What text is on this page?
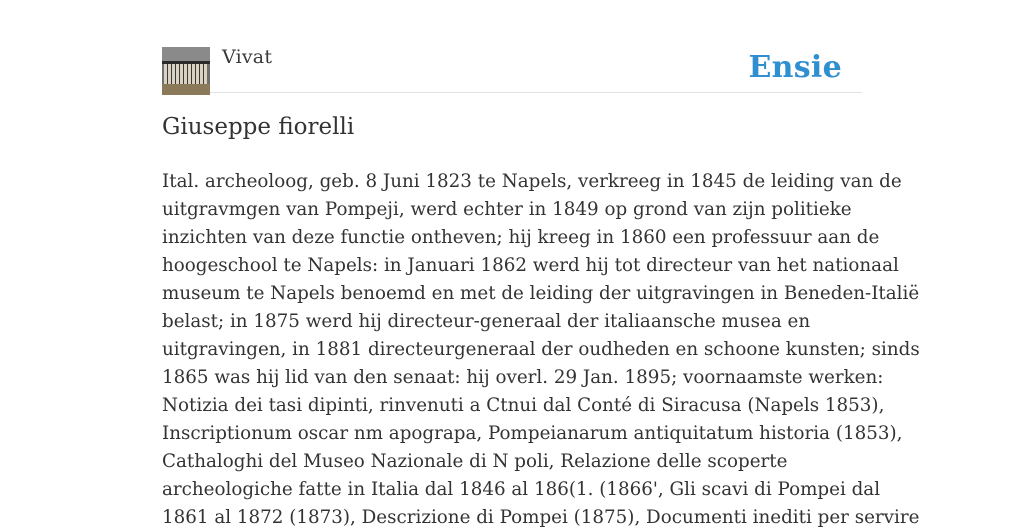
Vivat	Ensie
Giuseppe fiorelli
Ital. archeoloog, geb. 8 Juni 1823 te Napels, verkreeg in 1845 de leiding van de
uitgravmgen van Pompeji, werd echter in 1849 op grond van zijn politieke
inzichten van deze functie ontheven; hij kreeg in 1860 een professuur aan de
hoogeschool te Napels: in Januari 1862 werd hij tot directeur van het nationaal
museum te Napels benoemd en met de leiding der uitgravingen in Beneden-Italië
belast; in 1875 werd hij directeur-generaal der italiaansche musea en
uitgravingen, in 1881 directeurgeneraal der oudheden en schoone kunsten; sinds
1865 was hij lid van den senaat: hij overl. 29 Jan. 1895; voornaamste werken:
Notizia dei tasi dipinti, rinvenuti a Ctnui dal Conté di Siracusa (Napels 1853),
Inscriptionum oscar nm apograpa, Pompeianarum antiquitatum historia (1853),
Cathaloghi del Museo Nazionale di N poli, Relazione delle scoperte
archeologiche fatte in Italia dal 1846 al 186(1. (1866', Gli scavi di Pompei dal
1861 al 1872 (1873), Descrizione di Pompei (1875), Documenti inediti per servire
